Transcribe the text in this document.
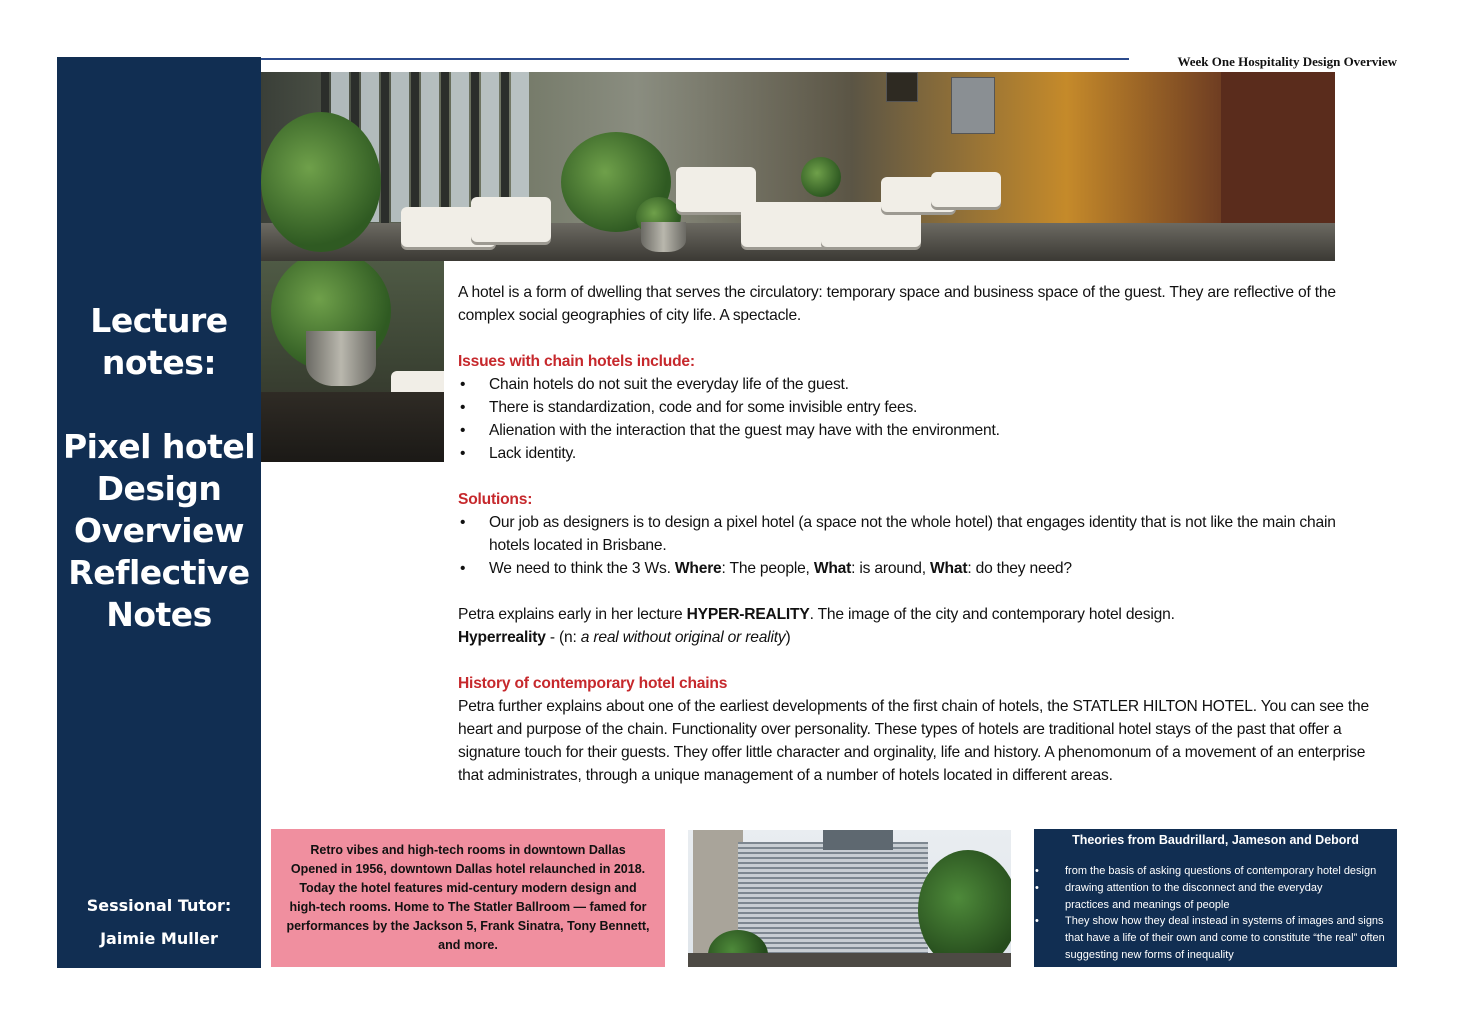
Lecture
notes:
Pixel hotel
Design
Overview
Reflective
Notes
Sessional Tutor:
Jaimie Muller
Week One Hospitality Design Overview

A hotel is a form of dwelling that serves the circulatory: temporary space and business space of the guest. They are reflective of the complex social geographies of city life. A spectacle.

Issues with chain hotels include:

• Chain hotels do not suit the everyday life of the guest.
• There is standardization, code and for some invisible entry fees.
• Alienation with the interaction that the guest may have with the environment.
• Lack identity.

Solutions:

• Our job as designers is to design a pixel hotel (a space not the whole hotel) that engages identity that is not like the main chain hotels located in Brisbane.
• We need to think the 3 Ws. Where: The people, What: is around, What: do they need?

Petra explains early in her lecture HYPER-REALITY. The image of the city and contemporary hotel design.

Hyperreality - (n: a real without original or reality)

History of contemporary hotel chains

Petra further explains about one of the earliest developments of the first chain of hotels, the STATLER HILTON HOTEL. You can see the heart and purpose of the chain. Functionality over personality. These types of hotels are traditional hotel stays of the past that offer a signature touch for their guests. They offer little character and orginality, life and history. A phenomonum of a movement of an enterprise that administrates, through a unique management of a number of hotels located in different areas.

Retro vibes and high-tech rooms in downtown Dallas
Opened in 1956, downtown Dallas hotel relaunched in 2018.
Today the hotel features mid-century modern design and
high-tech rooms. Home to The Statler Ballroom — famed for
performances by the Jackson 5, Frank Sinatra, Tony Bennett,
and more.
Theories from Baudrillard, Jameson and Debord
• from the basis of asking questions of contemporary hotel design
• drawing attention to the disconnect and the everyday practices and meanings of people
• They show how they deal instead in systems of images and signs that have a life of their own and come to constitute “the real” often suggesting new forms of inequality
